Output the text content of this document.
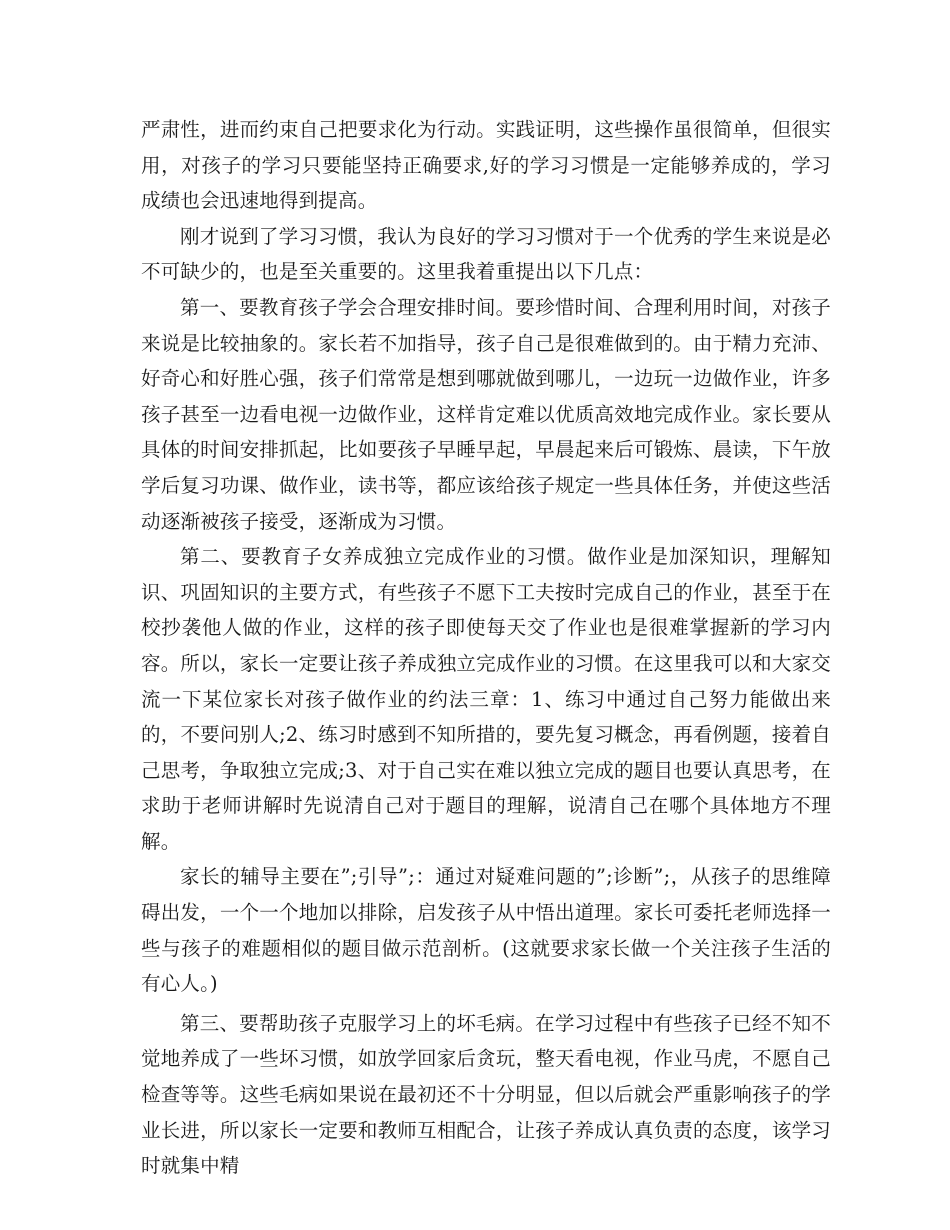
严肃性，进而约束自己把要求化为行动。实践证明，这些操作虽很简单，但很实用，对孩子的学习只要能坚持正确要求,好的学习习惯是一定能够养成的，学习成绩也会迅速地得到提高。

刚才说到了学习习惯，我认为良好的学习习惯对于一个优秀的学生来说是必不可缺少的，也是至关重要的。这里我着重提出以下几点：

第一、要教育孩子学会合理安排时间。要珍惜时间、合理利用时间，对孩子来说是比较抽象的。家长若不加指导，孩子自己是很难做到的。由于精力充沛、好奇心和好胜心强，孩子们常常是想到哪就做到哪儿，一边玩一边做作业，许多孩子甚至一边看电视一边做作业，这样肯定难以优质高效地完成作业。家长要从具体的时间安排抓起，比如要孩子早睡早起，早晨起来后可锻炼、晨读，下午放学后复习功课、做作业，读书等，都应该给孩子规定一些具体任务，并使这些活动逐渐被孩子接受，逐渐成为习惯。

第二、要教育子女养成独立完成作业的习惯。做作业是加深知识，理解知识、巩固知识的主要方式，有些孩子不愿下工夫按时完成自己的作业，甚至于在校抄袭他人做的作业，这样的孩子即使每天交了作业也是很难掌握新的学习内容。所以，家长一定要让孩子养成独立完成作业的习惯。在这里我可以和大家交流一下某位家长对孩子做作业的约法三章：1、练习中通过自己努力能做出来的，不要问别人;2、练习时感到不知所措的，要先复习概念，再看例题，接着自己思考，争取独立完成;3、对于自己实在难以独立完成的题目也要认真思考，在求助于老师讲解时先说清自己对于题目的理解，说清自己在哪个具体地方不理解。

家长的辅导主要在”;引导”;：通过对疑难问题的”;诊断”;，从孩子的思维障碍出发，一个一个地加以排除，启发孩子从中悟出道理。家长可委托老师选择一些与孩子的难题相似的题目做示范剖析。(这就要求家长做一个关注孩子生活的有心人。)

第三、要帮助孩子克服学习上的坏毛病。在学习过程中有些孩子已经不知不觉地养成了一些坏习惯，如放学回家后贪玩，整天看电视，作业马虎，不愿自己检查等等。这些毛病如果说在最初还不十分明显，但以后就会严重影响孩子的学业长进，所以家长一定要和教师互相配合，让孩子养成认真负责的态度，该学习时就集中精
